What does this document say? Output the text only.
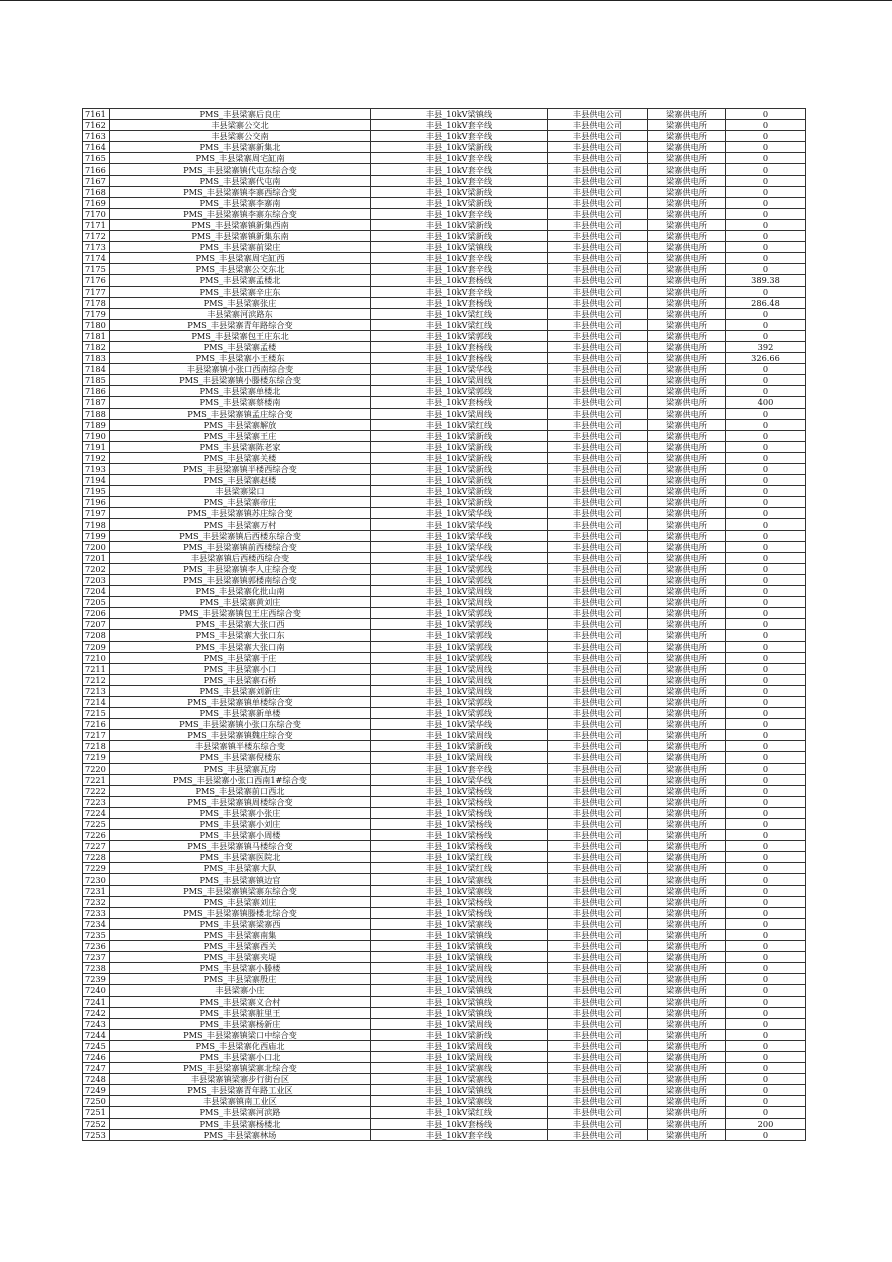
7161	PMS_丰县梁寨后良庄	丰县_10kV梁镇线	丰县供电公司	梁寨供电所	0
7162	丰县梁寨公交北	丰县_10kV套辛线	丰县供电公司	梁寨供电所	0
7163	丰县梁寨公交南	丰县_10kV套辛线	丰县供电公司	梁寨供电所	0
7164	PMS_丰县梁寨新集北	丰县_10kV梁新线	丰县供电公司	梁寨供电所	0
7165	PMS_丰县梁寨周宅缸南	丰县_10kV套辛线	丰县供电公司	梁寨供电所	0
7166	PMS_丰县梁寨镇代屯东综合变	丰县_10kV套辛线	丰县供电公司	梁寨供电所	0
7167	PMS_丰县梁寨代屯南	丰县_10kV套辛线	丰县供电公司	梁寨供电所	0
7168	PMS_丰县梁寨镇李寨西综合变	丰县_10kV梁新线	丰县供电公司	梁寨供电所	0
7169	PMS_丰县梁寨李寨南	丰县_10kV梁新线	丰县供电公司	梁寨供电所	0
7170	PMS_丰县梁寨镇李寨东综合变	丰县_10kV套辛线	丰县供电公司	梁寨供电所	0
7171	PMS_丰县梁寨镇新集西南	丰县_10kV梁新线	丰县供电公司	梁寨供电所	0
7172	PMS_丰县梁寨镇新集东南	丰县_10kV梁新线	丰县供电公司	梁寨供电所	0
7173	PMS_丰县梁寨前梁庄	丰县_10kV梁镇线	丰县供电公司	梁寨供电所	0
7174	PMS_丰县梁寨周宅缸西	丰县_10kV套辛线	丰县供电公司	梁寨供电所	0
7175	PMS_丰县梁寨公交东北	丰县_10kV套辛线	丰县供电公司	梁寨供电所	0
7176	PMS_丰县梁寨孟楼北	丰县_10kV套杨线	丰县供电公司	梁寨供电所	389.38
7177	PMS_丰县梁寨辛庄东	丰县_10kV套辛线	丰县供电公司	梁寨供电所	0
7178	PMS_丰县梁寨张庄	丰县_10kV套杨线	丰县供电公司	梁寨供电所	286.48
7179	丰县梁寨河滨路东	丰县_10kV梁红线	丰县供电公司	梁寨供电所	0
7180	PMS_丰县梁寨青年路综合变	丰县_10kV梁红线	丰县供电公司	梁寨供电所	0
7181	PMS_丰县梁寨包王庄东北	丰县_10kV梁郭线	丰县供电公司	梁寨供电所	0
7182	PMS_丰县梁寨孟楼	丰县_10kV套杨线	丰县供电公司	梁寨供电所	392
7183	PMS_丰县梁寨小王楼东	丰县_10kV套杨线	丰县供电公司	梁寨供电所	326.66
7184	丰县梁寨镇小张口西南综合变	丰县_10kV梁华线	丰县供电公司	梁寨供电所	0
7185	PMS_丰县梁寨镇小滕楼东综合变	丰县_10kV梁周线	丰县供电公司	梁寨供电所	0
7186	PMS_丰县梁寨单楼北	丰县_10kV梁郭线	丰县供电公司	梁寨供电所	0
7187	PMS_丰县梁寨蔡楼南	丰县_10kV套杨线	丰县供电公司	梁寨供电所	400
7188	PMS_丰县梁寨镇孟庄综合变	丰县_10kV梁周线	丰县供电公司	梁寨供电所	0
7189	PMS_丰县梁寨解放	丰县_10kV梁红线	丰县供电公司	梁寨供电所	0
7190	PMS_丰县梁寨王庄	丰县_10kV梁新线	丰县供电公司	梁寨供电所	0
7191	PMS_丰县梁寨陈老家	丰县_10kV梁新线	丰县供电公司	梁寨供电所	0
7192	PMS_丰县梁寨关楼	丰县_10kV梁新线	丰县供电公司	梁寨供电所	0
7193	PMS_丰县梁寨镇半楼西综合变	丰县_10kV梁新线	丰县供电公司	梁寨供电所	0
7194	PMS_丰县梁寨赵楼	丰县_10kV梁新线	丰县供电公司	梁寨供电所	0
7195	丰县梁寨梁口	丰县_10kV梁新线	丰县供电公司	梁寨供电所	0
7196	PMS_丰县梁寨帝庄	丰县_10kV梁新线	丰县供电公司	梁寨供电所	0
7197	PMS_丰县梁寨镇苏庄综合变	丰县_10kV梁华线	丰县供电公司	梁寨供电所	0
7198	PMS_丰县梁寨万村	丰县_10kV梁华线	丰县供电公司	梁寨供电所	0
7199	PMS_丰县梁寨镇后西楼东综合变	丰县_10kV梁华线	丰县供电公司	梁寨供电所	0
7200	PMS_丰县梁寨镇前西楼综合变	丰县_10kV梁华线	丰县供电公司	梁寨供电所	0
7201	丰县梁寨镇后西楼西综合变	丰县_10kV梁华线	丰县供电公司	梁寨供电所	0
7202	PMS_丰县梁寨镇李人庄综合变	丰县_10kV梁郭线	丰县供电公司	梁寨供电所	0
7203	PMS_丰县梁寨镇郭楼南综合变	丰县_10kV梁郭线	丰县供电公司	梁寨供电所	0
7204	PMS_丰县梁寨化批山南	丰县_10kV梁周线	丰县供电公司	梁寨供电所	0
7205	PMS_丰县梁寨黄刘庄	丰县_10kV梁周线	丰县供电公司	梁寨供电所	0
7206	PMS_丰县梁寨镇包王庄西综合变	丰县_10kV梁郭线	丰县供电公司	梁寨供电所	0
7207	PMS_丰县梁寨大张口西	丰县_10kV梁郭线	丰县供电公司	梁寨供电所	0
7208	PMS_丰县梁寨大张口东	丰县_10kV梁郭线	丰县供电公司	梁寨供电所	0
7209	PMS_丰县梁寨大张口南	丰县_10kV梁郭线	丰县供电公司	梁寨供电所	0
7210	PMS_丰县梁寨于庄	丰县_10kV梁郭线	丰县供电公司	梁寨供电所	0
7211	PMS_丰县梁寨小口	丰县_10kV梁周线	丰县供电公司	梁寨供电所	0
7212	PMS_丰县梁寨石桥	丰县_10kV梁周线	丰县供电公司	梁寨供电所	0
7213	PMS_丰县梁寨刘新庄	丰县_10kV梁周线	丰县供电公司	梁寨供电所	0
7214	PMS_丰县梁寨镇单楼综合变	丰县_10kV梁郭线	丰县供电公司	梁寨供电所	0
7215	PMS_丰县梁寨新单楼	丰县_10kV梁郭线	丰县供电公司	梁寨供电所	0
7216	PMS_丰县梁寨镇小张口东综合变	丰县_10kV梁华线	丰县供电公司	梁寨供电所	0
7217	PMS_丰县梁寨镇魏庄综合变	丰县_10kV梁周线	丰县供电公司	梁寨供电所	0
7218	丰县梁寨镇半楼东综合变	丰县_10kV梁新线	丰县供电公司	梁寨供电所	0
7219	PMS_丰县梁寨倪楼东	丰县_10kV梁周线	丰县供电公司	梁寨供电所	0
7220	PMS_丰县梁寨瓦房	丰县_10kV套辛线	丰县供电公司	梁寨供电所	0
7221	PMS_丰县梁寨小张口西南1#综合变	丰县_10kV梁华线	丰县供电公司	梁寨供电所	0
7222	PMS_丰县梁寨前口西北	丰县_10kV梁杨线	丰县供电公司	梁寨供电所	0
7223	PMS_丰县梁寨镇周楼综合变	丰县_10kV梁杨线	丰县供电公司	梁寨供电所	0
7224	PMS_丰县梁寨小张庄	丰县_10kV梁杨线	丰县供电公司	梁寨供电所	0
7225	PMS_丰县梁寨小刘庄	丰县_10kV梁杨线	丰县供电公司	梁寨供电所	0
7226	PMS_丰县梁寨小周楼	丰县_10kV梁杨线	丰县供电公司	梁寨供电所	0
7227	PMS_丰县梁寨镇马楼综合变	丰县_10kV梁杨线	丰县供电公司	梁寨供电所	0
7228	PMS_丰县梁寨医院北	丰县_10kV梁红线	丰县供电公司	梁寨供电所	0
7229	PMS_丰县梁寨大队	丰县_10kV梁红线	丰县供电公司	梁寨供电所	0
7230	PMS_丰县梁寨镇边官	丰县_10kV梁寨线	丰县供电公司	梁寨供电所	0
7231	PMS_丰县梁寨镇梁寨东综合变	丰县_10kV梁寨线	丰县供电公司	梁寨供电所	0
7232	PMS_丰县梁寨刘庄	丰县_10kV梁杨线	丰县供电公司	梁寨供电所	0
7233	PMS_丰县梁寨镇滕楼北综合变	丰县_10kV梁杨线	丰县供电公司	梁寨供电所	0
7234	PMS_丰县梁寨梁寨西	丰县_10kV梁寨线	丰县供电公司	梁寨供电所	0
7235	PMS_丰县梁寨南集	丰县_10kV梁镇线	丰县供电公司	梁寨供电所	0
7236	PMS_丰县梁寨西关	丰县_10kV梁镇线	丰县供电公司	梁寨供电所	0
7237	PMS_丰县梁寨夹堤	丰县_10kV梁镇线	丰县供电公司	梁寨供电所	0
7238	PMS_丰县梁寨小滕楼	丰县_10kV梁周线	丰县供电公司	梁寨供电所	0
7239	PMS_丰县梁寨殷庄	丰县_10kV梁周线	丰县供电公司	梁寨供电所	0
7240	丰县梁寨小庄	丰县_10kV梁镇线	丰县供电公司	梁寨供电所	0
7241	PMS_丰县梁寨义合村	丰县_10kV梁镇线	丰县供电公司	梁寨供电所	0
7242	PMS_丰县梁寨脏里王	丰县_10kV梁镇线	丰县供电公司	梁寨供电所	0
7243	PMS_丰县梁寨杨新庄	丰县_10kV梁周线	丰县供电公司	梁寨供电所	0
7244	PMS_丰县梁寨镇梁口中综合变	丰县_10kV梁新线	丰县供电公司	梁寨供电所	0
7245	PMS_丰县梁寨化西庙北	丰县_10kV梁周线	丰县供电公司	梁寨供电所	0
7246	PMS_丰县梁寨小口北	丰县_10kV梁周线	丰县供电公司	梁寨供电所	0
7247	PMS_丰县梁寨镇梁寨北综合变	丰县_10kV梁寨线	丰县供电公司	梁寨供电所	0
7248	丰县梁寨镇梁寨步行街台区	丰县_10kV梁寨线	丰县供电公司	梁寨供电所	0
7249	PMS_丰县梁寨青年路工业区	丰县_10kV梁镇线	丰县供电公司	梁寨供电所	0
7250	丰县梁寨镇南工业区	丰县_10kV梁寨线	丰县供电公司	梁寨供电所	0
7251	PMS_丰县梁寨河滨路	丰县_10kV梁红线	丰县供电公司	梁寨供电所	0
7252	PMS_丰县梁寨杨楼北	丰县_10kV套杨线	丰县供电公司	梁寨供电所	200
7253	PMS_丰县梁寨林场	丰县_10kV套辛线	丰县供电公司	梁寨供电所	0
